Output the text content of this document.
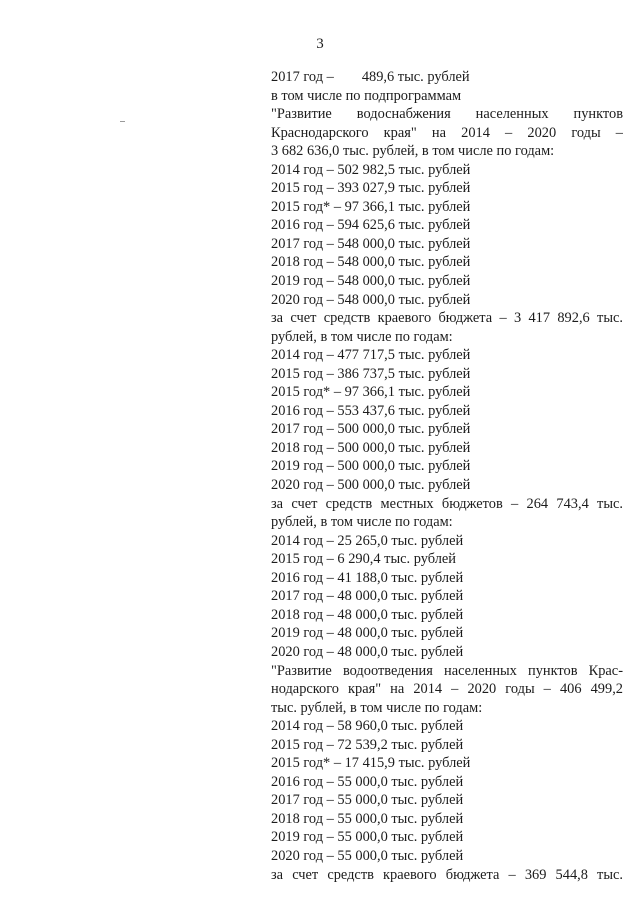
3
2017 год – 489,6 тыс. рублей
в том числе по подпрограммам
"Развитие водоснабжения населенных пунктов
Краснодарского края" на 2014 – 2020 годы –
3 682 636,0 тыс. рублей, в том числе по годам:
2014 год – 502 982,5 тыс. рублей
2015 год – 393 027,9 тыс. рублей
2015 год* – 97 366,1 тыс. рублей
2016 год – 594 625,6 тыс. рублей
2017 год – 548 000,0 тыс. рублей
2018 год – 548 000,0 тыс. рублей
2019 год – 548 000,0 тыс. рублей
2020 год – 548 000,0 тыс. рублей
за счет средств краевого бюджета – 3 417 892,6 тыс.
рублей, в том числе по годам:
2014 год – 477 717,5 тыс. рублей
2015 год – 386 737,5 тыс. рублей
2015 год* – 97 366,1 тыс. рублей
2016 год – 553 437,6 тыс. рублей
2017 год – 500 000,0 тыс. рублей
2018 год – 500 000,0 тыс. рублей
2019 год – 500 000,0 тыс. рублей
2020 год – 500 000,0 тыс. рублей
за счет средств местных бюджетов – 264 743,4 тыс.
рублей, в том числе по годам:
2014 год – 25 265,0 тыс. рублей
2015 год – 6 290,4 тыс. рублей
2016 год – 41 188,0 тыс. рублей
2017 год – 48 000,0 тыс. рублей
2018 год – 48 000,0 тыс. рублей
2019 год – 48 000,0 тыс. рублей
2020 год – 48 000,0 тыс. рублей
"Развитие водоотведения населенных пунктов Крас-
нодарского края" на 2014 – 2020 годы – 406 499,2
тыс. рублей, в том числе по годам:
2014 год – 58 960,0 тыс. рублей
2015 год – 72 539,2 тыс. рублей
2015 год* – 17 415,9 тыс. рублей
2016 год – 55 000,0 тыс. рублей
2017 год – 55 000,0 тыс. рублей
2018 год – 55 000,0 тыс. рублей
2019 год – 55 000,0 тыс. рублей
2020 год – 55 000,0 тыс. рублей
за счет средств краевого бюджета – 369 544,8 тыс.
